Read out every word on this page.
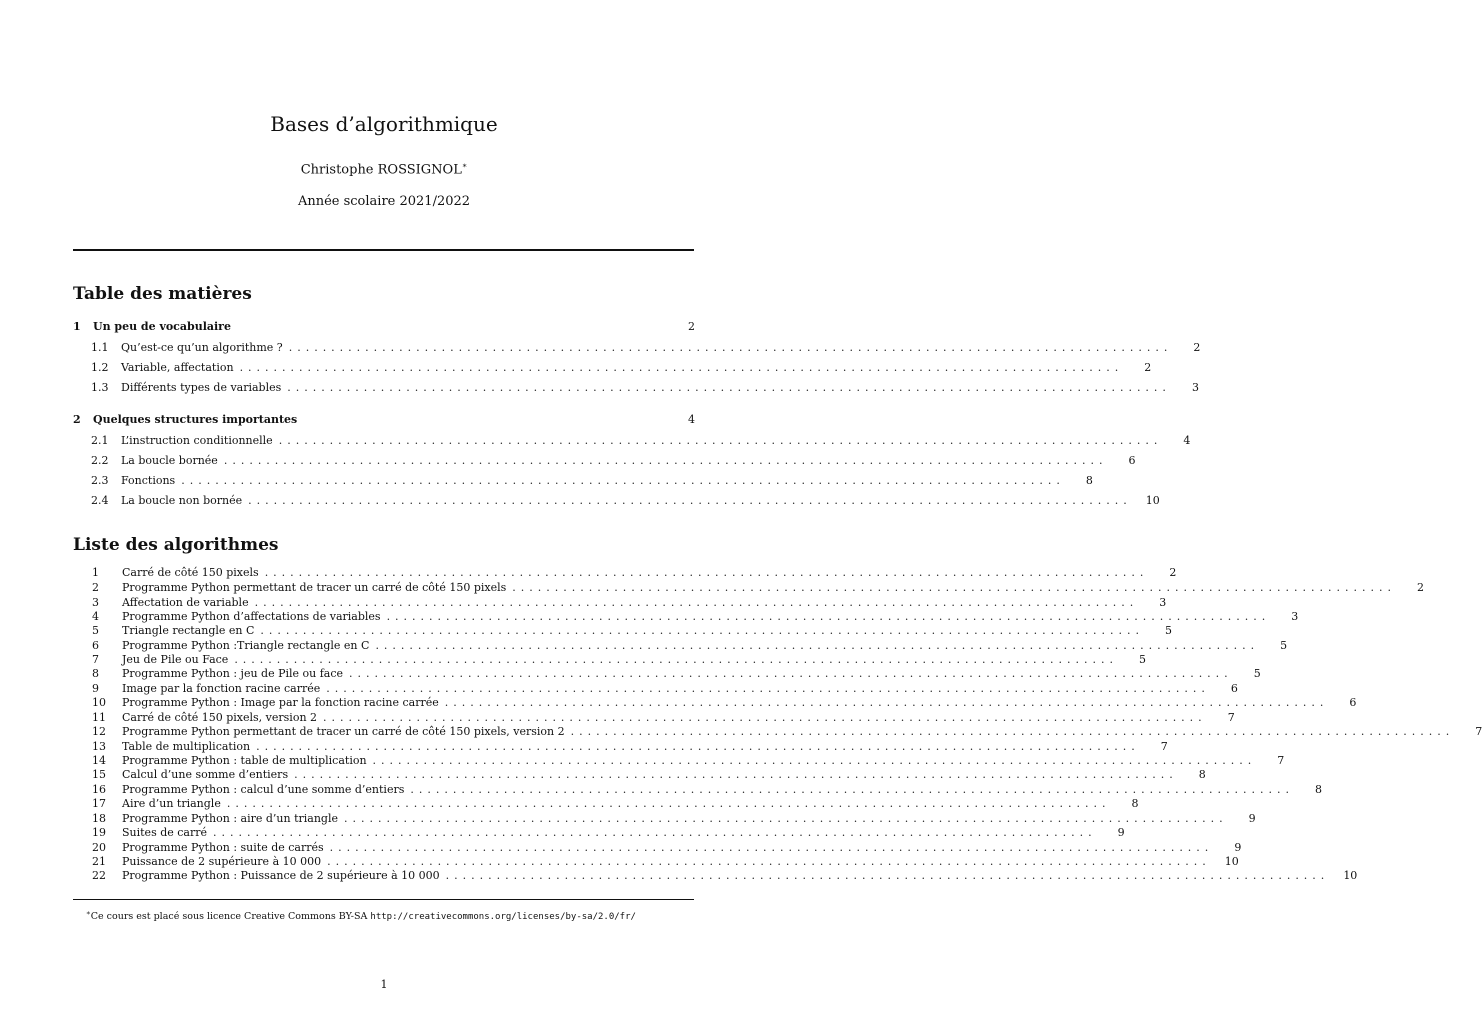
Bases d’algorithmique
Christophe ROSSIGNOL∗
Année scolaire 2021/2022
Table des matières
1	Un peu de vocabulaire	2
1.1	Qu’est-ce qu’un algorithme ? ........................................................................................................	2
1.2	Variable, affectation ........................................................................................................	2
1.3	Différents types de variables ........................................................................................................	3
2	Quelques structures importantes	4
2.1	L’instruction conditionnelle ........................................................................................................	4
2.2	La boucle bornée ........................................................................................................	6
2.3	Fonctions ........................................................................................................	8
2.4	La boucle non bornée ........................................................................................................	10
Liste des algorithmes
1	Carré de côté 150 pixels ........................................................................................................	2
2	Programme Python permettant de tracer un carré de côté 150 pixels ........................................................................................................	2
3	Affectation de variable ........................................................................................................	3
4	Programme Python d’affectations de variables ........................................................................................................	3
5	Triangle rectangle en C ........................................................................................................	5
6	Programme Python :Triangle rectangle en C ........................................................................................................	5
7	Jeu de Pile ou Face ........................................................................................................	5
8	Programme Python : jeu de Pile ou face ........................................................................................................	5
9	Image par la fonction racine carrée ........................................................................................................	6
10	Programme Python : Image par la fonction racine carrée ........................................................................................................	6
11	Carré de côté 150 pixels, version 2 ........................................................................................................	7
12	Programme Python permettant de tracer un carré de côté 150 pixels, version 2 ........................................................................................................	7
13	Table de multiplication ........................................................................................................	7
14	Programme Python : table de multiplication ........................................................................................................	7
15	Calcul d’une somme d’entiers ........................................................................................................	8
16	Programme Python : calcul d’une somme d’entiers ........................................................................................................	8
17	Aire d’un triangle ........................................................................................................	8
18	Programme Python : aire d’un triangle ........................................................................................................	9
19	Suites de carré ........................................................................................................	9
20	Programme Python : suite de carrés ........................................................................................................	9
21	Puissance de 2 supérieure à 10 000 ........................................................................................................	10
22	Programme Python : Puissance de 2 supérieure à 10 000 ........................................................................................................	10
∗Ce cours est placé sous licence Creative Commons BY-SA http://creativecommons.org/licenses/by-sa/2.0/fr/
1
